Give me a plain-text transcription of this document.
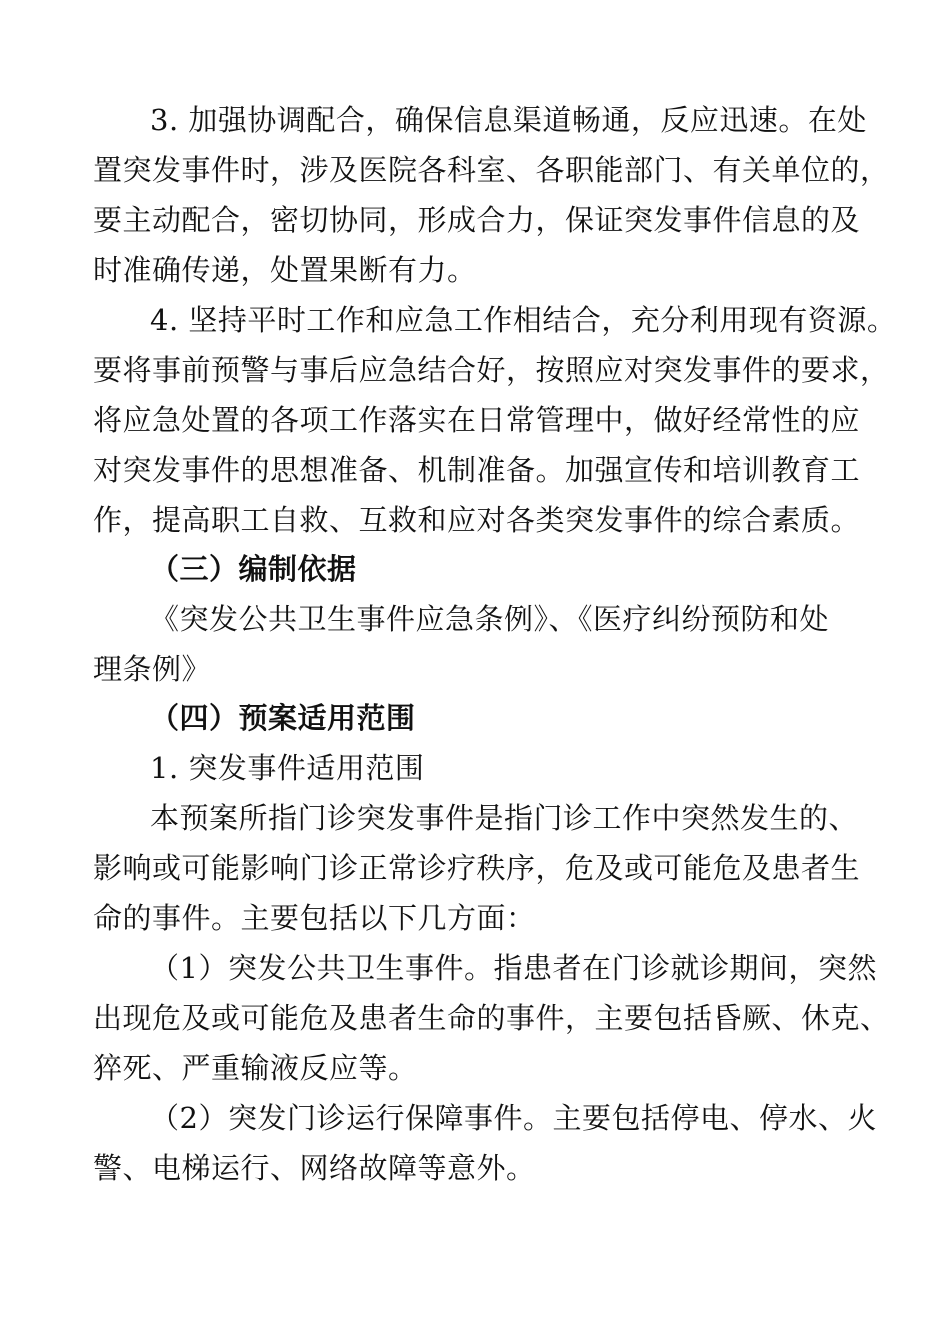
3. 加强协调配合，确保信息渠道畅通，反应迅速。在处

置突发事件时，涉及医院各科室、各职能部门、有关单位的，

要主动配合，密切协同，形成合力，保证突发事件信息的及

时准确传递，处置果断有力。

4. 坚持平时工作和应急工作相结合，充分利用现有资源。

要将事前预警与事后应急结合好，按照应对突发事件的要求，

将应急处置的各项工作落实在日常管理中，做好经常性的应

对突发事件的思想准备、机制准备。加强宣传和培训教育工

作，提高职工自救、互救和应对各类突发事件的综合素质。

（三）编制依据

《突发公共卫生事件应急条例》、《医疗纠纷预防和处

理条例》

（四）预案适用范围

1. 突发事件适用范围

本预案所指门诊突发事件是指门诊工作中突然发生的、

影响或可能影响门诊正常诊疗秩序，危及或可能危及患者生

命的事件。主要包括以下几方面：

（1）突发公共卫生事件。指患者在门诊就诊期间，突然

出现危及或可能危及患者生命的事件，主要包括昏厥、休克、

猝死、严重输液反应等。

（2）突发门诊运行保障事件。主要包括停电、停水、火

警、电梯运行、网络故障等意外。
